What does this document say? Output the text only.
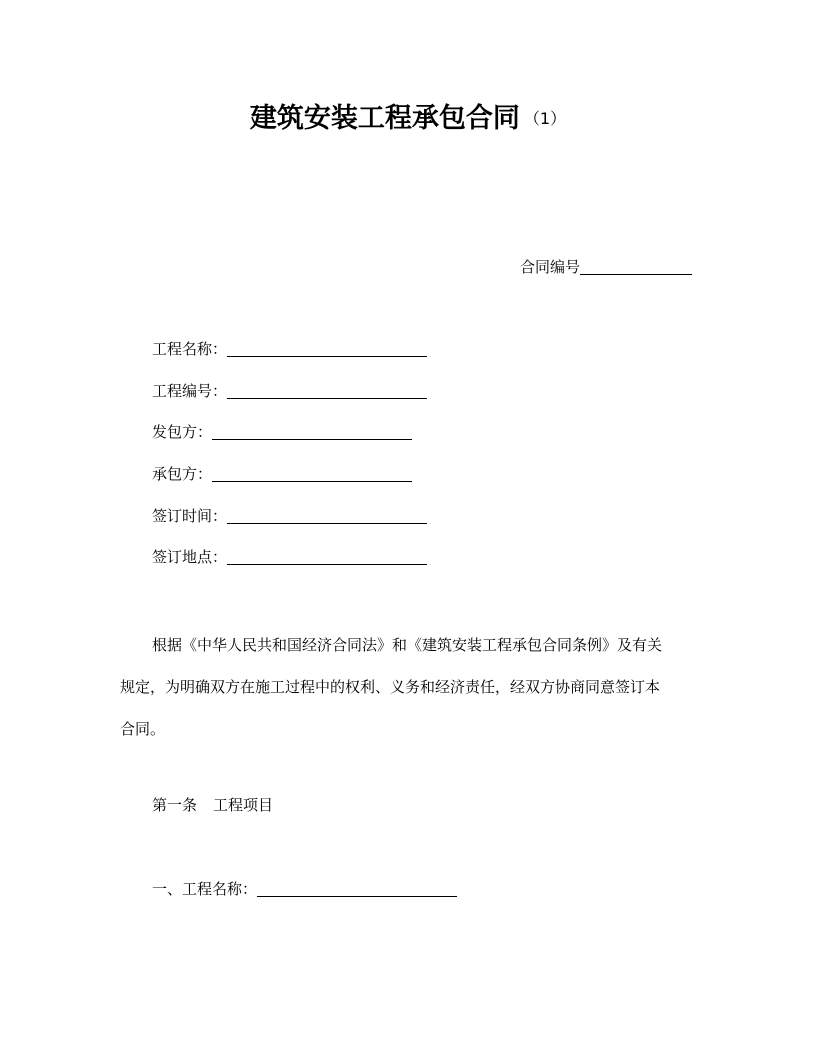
建筑安装工程承包合同 （1）
合同编号
工程名称：
工程编号：
发包方：
承包方：
签订时间：
签订地点：
根据《中华人民共和国经济合同法》和《建筑安装工程承包合同条例》及有关
规定，为明确双方在施工过程中的权利、义务和经济责任，经双方协商同意签订本
合同。
第一条 工程项目
一、工程名称：
